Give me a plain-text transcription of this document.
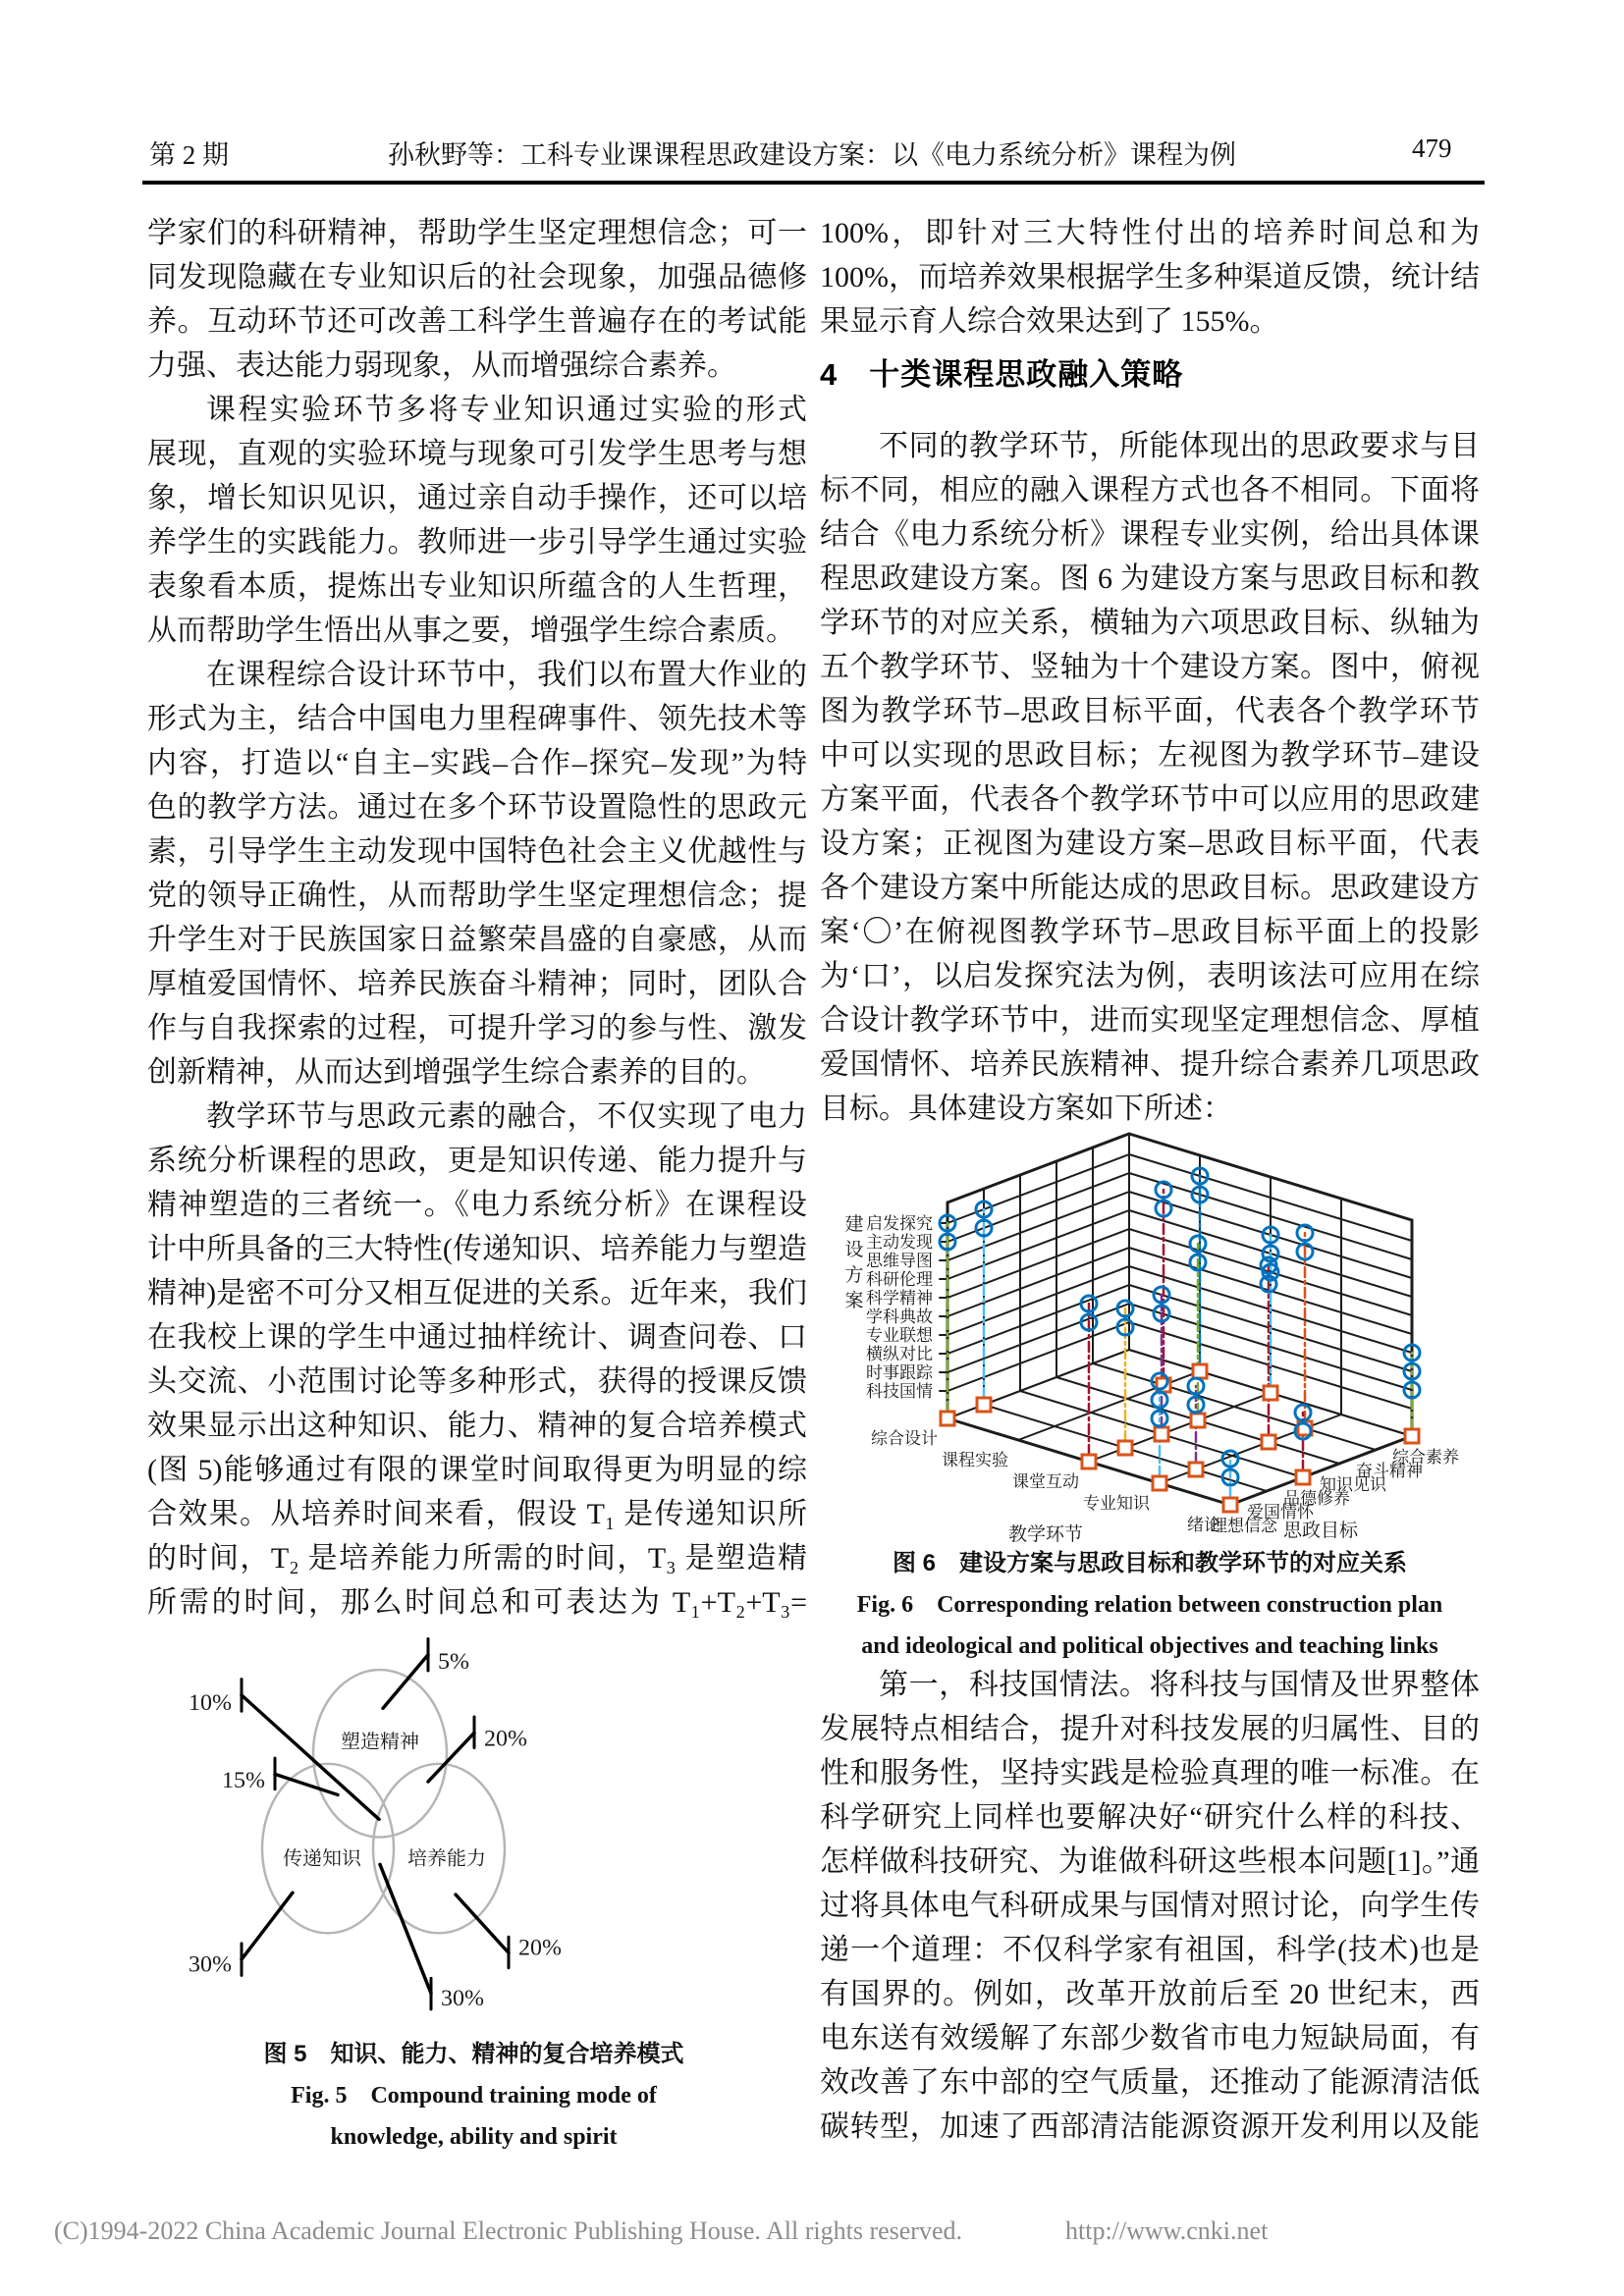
第 2 期	孙秋野等：工科专业课课程思政建设方案：以《电力系统分析》课程为例	479
学家们的科研精神，帮助学生坚定理想信念；可一
同发现隐藏在专业知识后的社会现象，加强品德修
养。互动环节还可改善工科学生普遍存在的考试能
力强、表达能力弱现象，从而增强综合素养。
课程实验环节多将专业知识通过实验的形式
展现，直观的实验环境与现象可引发学生思考与想
象，增长知识见识，通过亲自动手操作，还可以培
养学生的实践能力。教师进一步引导学生通过实验
表象看本质，提炼出专业知识所蕴含的人生哲理，
从而帮助学生悟出从事之要，增强学生综合素质。
在课程综合设计环节中，我们以布置大作业的
形式为主，结合中国电力里程碑事件、领先技术等
内容，打造以“自主–实践–合作–探究–发现”为特
色的教学方法。通过在多个环节设置隐性的思政元
素，引导学生主动发现中国特色社会主义优越性与
党的领导正确性，从而帮助学生坚定理想信念；提
升学生对于民族国家日益繁荣昌盛的自豪感，从而
厚植爱国情怀、培养民族奋斗精神；同时，团队合
作与自我探索的过程，可提升学习的参与性、激发
创新精神，从而达到增强学生综合素养的目的。
教学环节与思政元素的融合，不仅实现了电力
系统分析课程的思政，更是知识传递、能力提升与
精神塑造的三者统一。《电力系统分析》在课程设
计中所具备的三大特性(传递知识、培养能力与塑造
精神)是密不可分又相互促进的关系。近年来，我们
在我校上课的学生中通过抽样统计、调查问卷、口
头交流、小范围讨论等多种形式，获得的授课反馈
效果显示出这种知识、能力、精神的复合培养模式
(图 5)能够通过有限的课堂时间取得更为明显的综
合效果。从培养时间来看，假设 T₁ 是传递知识所
的时间，T₂ 是培养能力所需的时间，T₃ 是塑造精
所需的时间，那么时间总和可表达为 T₁+T₂+T₃=
塑造精神
传递知识 培养能力
5%
10%
15%
20%
30%
20%
30%
图 5　知识、能力、精神的复合培养模式
Fig. 5  Compound training mode of
knowledge, ability and spirit
100%，即针对三大特性付出的培养时间总和为
100%，而培养效果根据学生多种渠道反馈，统计结
果显示育人综合效果达到了 155%。
4　十类课程思政融入策略
不同的教学环节，所能体现出的思政要求与目
标不同，相应的融入课程方式也各不相同。下面将
结合《电力系统分析》课程专业实例，给出具体课
程思政建设方案。图 6 为建设方案与思政目标和教
学环节的对应关系，横轴为六项思政目标、纵轴为
五个教学环节、竖轴为十个建设方案。图中，俯视
图为教学环节–思政目标平面，代表各个教学环节
中可以实现的思政目标；左视图为教学环节–建设
方案平面，代表各个教学环节中可以应用的思政建
设方案；正视图为建设方案–思政目标平面，代表
各个建设方案中所能达成的思政目标。思政建设方
案‘〇’在俯视图教学环节–思政目标平面上的投影
为‘口’，以启发探究法为例，表明该法可应用在综
合设计教学环节中，进而实现坚定理想信念、厚植
爱国情怀、培养民族精神、提升综合素养几项思政
目标。具体建设方案如下所述：
启发探究
主动发现
思维导图
科研伦理
科学精神
学科典故
专业联想
横纵对比
时事跟踪
科技国情
综合设计
课程实验
课堂互动
专业知识
绪论
理想信念
爱国情怀
品德修养
知识见识
奋斗精神
综合素养
建
设
方
案
教学环节	思政目标
图 6　建设方案与思政目标和教学环节的对应关系
Fig. 6  Corresponding relation between construction plan
and ideological and political objectives and teaching links
第一，科技国情法。将科技与国情及世界整体
发展特点相结合，提升对科技发展的归属性、目的
性和服务性，坚持实践是检验真理的唯一标准。在
科学研究上同样也要解决好“研究什么样的科技、
怎样做科技研究、为谁做科研这些根本问题[1]。”通
过将具体电气科研成果与国情对照讨论，向学生传
递一个道理：不仅科学家有祖国，科学(技术)也是
有国界的。例如，改革开放前后至 20 世纪末，西
电东送有效缓解了东部少数省市电力短缺局面，有
效改善了东中部的空气质量，还推动了能源清洁低
碳转型，加速了西部清洁能源资源开发利用以及能
(C)1994-2022 China Academic Journal Electronic Publishing House. All rights reserved.	http://www.cnki.net
